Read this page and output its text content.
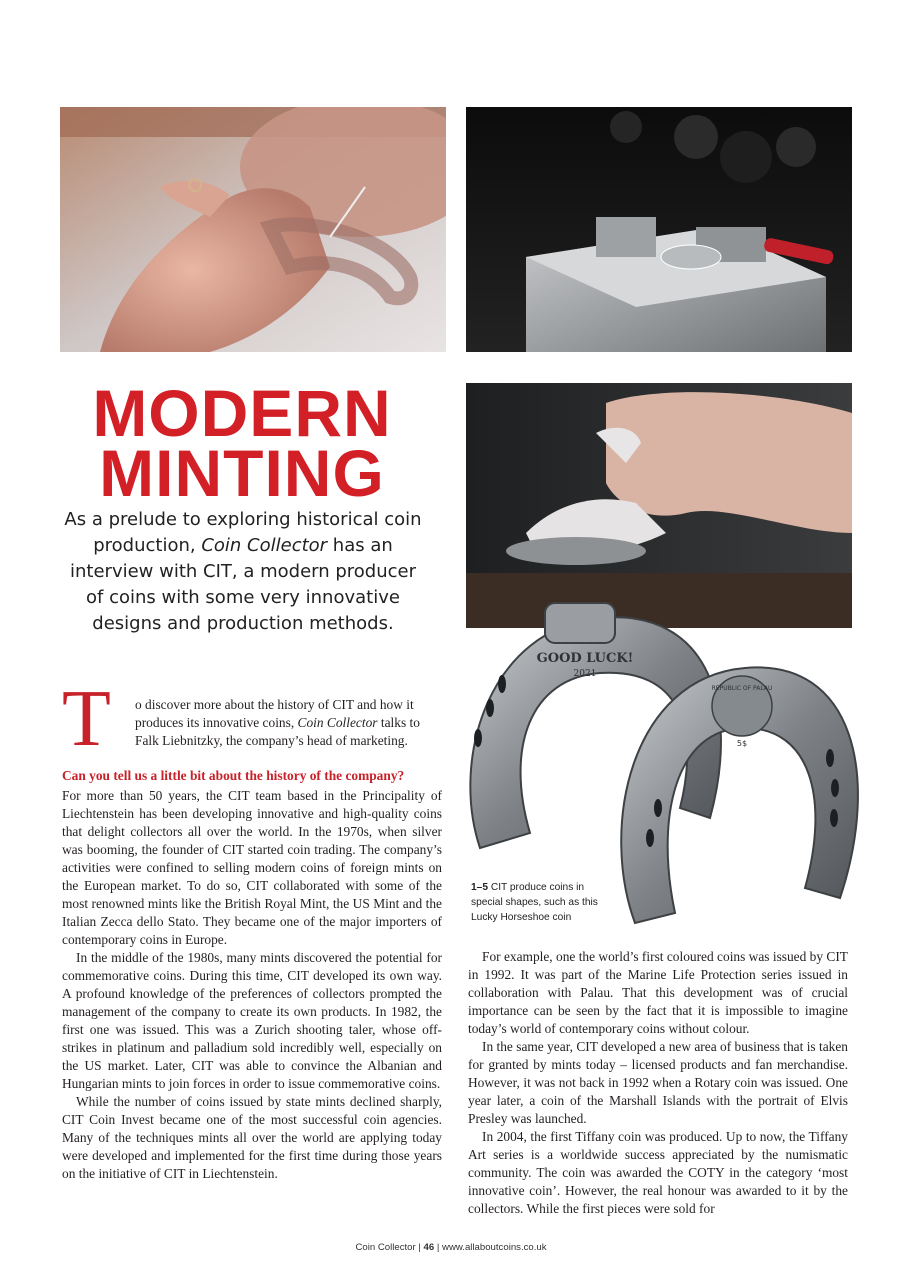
GOOD LUCK!
2021
REPUBLIC OF PALAU
5$
MODERN
MINTING

As a prelude to exploring historical coin production, Coin Collector has an interview with CIT, a modern producer of coins with some very innovative designs and production methods.

T o discover more about the history of CIT and how it produces its innovative coins, Coin Collector talks to Falk Liebnitzky, the company’s head of marketing.

Can you tell us a little bit about the history of the company?

For more than 50 years, the CIT team based in the Principality of Liechtenstein has been developing innovative and high-quality coins that delight collectors all over the world. In the 1970s, when silver was booming, the founder of CIT started coin trading. The company’s activities were confined to selling modern coins of foreign mints on the European market. To do so, CIT collaborated with some of the most renowned mints like the British Royal Mint, the US Mint and the Italian Zecca dello Stato. They became one of the major importers of contemporary coins in Europe.

In the middle of the 1980s, many mints discovered the potential for commemorative coins. During this time, CIT developed its own way. A profound knowledge of the preferences of collectors prompted the management of the company to create its own products. In 1982, the first one was issued. This was a Zurich shooting taler, whose off-strikes in platinum and palladium sold incredibly well, especially on the US market. Later, CIT was able to convince the Albanian and Hungarian mints to join forces in order to issue commemorative coins.

While the number of coins issued by state mints declined sharply, CIT Coin Invest became one of the most successful coin agencies. Many of the techniques mints all over the world are applying today were developed and implemented for the first time during those years on the initiative of CIT in Liechtenstein.

1–5 CIT produce coins in special shapes, such as this Lucky Horseshoe coin

For example, one the world’s first coloured coins was issued by CIT in 1992. It was part of the Marine Life Protection series issued in collaboration with Palau. That this development was of crucial importance can be seen by the fact that it is impossible to imagine today’s world of contemporary coins without colour.

In the same year, CIT developed a new area of business that is taken for granted by mints today – licensed products and fan merchandise. However, it was not back in 1992 when a Rotary coin was issued. One year later, a coin of the Marshall Islands with the portrait of Elvis Presley was launched.

In 2004, the first Tiffany coin was produced. Up to now, the Tiffany Art series is a worldwide success appreciated by the numismatic community. The coin was awarded the COTY in the category ‘most innovative coin’. However, the real honour was awarded to it by the collectors. While the first pieces were sold for

Coin Collector | 46 | www.allaboutcoins.co.uk
